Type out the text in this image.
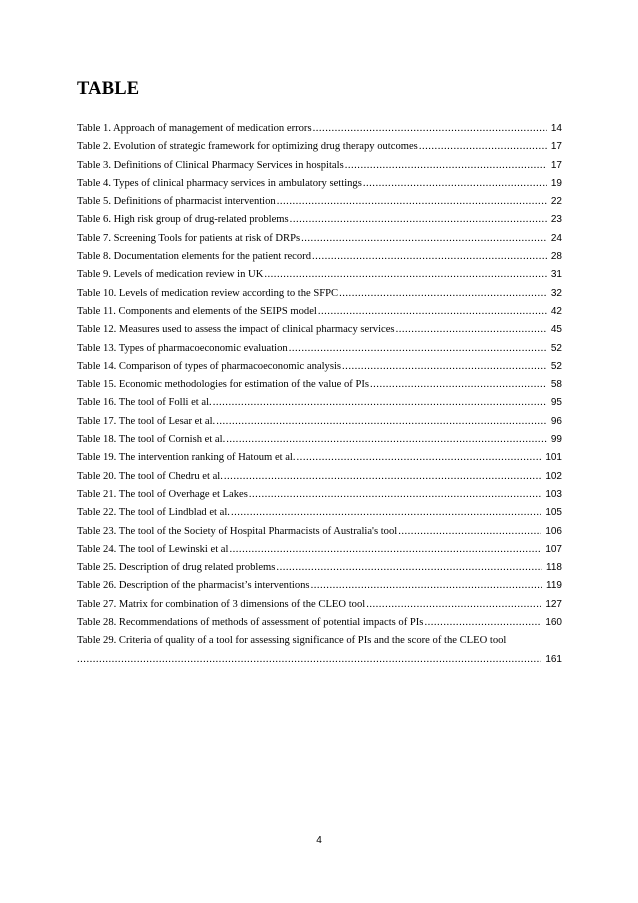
TABLE
Table 1. Approach of management of medication errors .....	14
Table 2. Evolution of strategic framework for optimizing drug therapy outcomes .....	17
Table 3. Definitions of Clinical Pharmacy Services in hospitals .....	17
Table 4. Types of clinical pharmacy services in ambulatory settings .....	19
Table 5. Definitions of pharmacist intervention .....	22
Table 6. High risk group of drug-related problems .....	23
Table 7. Screening Tools for patients at risk of DRPs .....	24
Table 8. Documentation elements for the patient record .....	28
Table 9. Levels of medication review in UK .....	31
Table 10. Levels of medication review according to the SFPC .....	32
Table 11. Components and elements of the SEIPS model .....	42
Table 12. Measures used to assess the impact of clinical pharmacy services .....	45
Table 13. Types of pharmacoeconomic evaluation .....	52
Table 14. Comparison of types of pharmacoeconomic analysis .....	52
Table 15. Economic methodologies for estimation of the value of PIs .....	58
Table 16. The tool of Folli et al. .....	95
Table 17. The tool of Lesar et al. .....	96
Table 18. The tool of Cornish et al. .....	99
Table 19. The intervention ranking of Hatoum et al. .....	101
Table 20. The tool of Chedru et al. .....	102
Table 21. The tool of Overhage et Lakes .....	103
Table 22. The tool of Lindblad et al. .....	105
Table 23. The tool of the Society of Hospital Pharmacists of Australia's tool .....	106
Table 24. The tool of Lewinski et al .....	107
Table 25. Description of drug related problems .....	118
Table 26. Description of the pharmacist’s interventions .....	119
Table 27. Matrix for combination of 3 dimensions of the CLEO tool .....	127
Table 28. Recommendations of methods of assessment of potential impacts of PIs .....	160
Table 29. Criteria of quality of a tool for assessing significance of PIs and the score of the CLEO tool
.....
161
4
